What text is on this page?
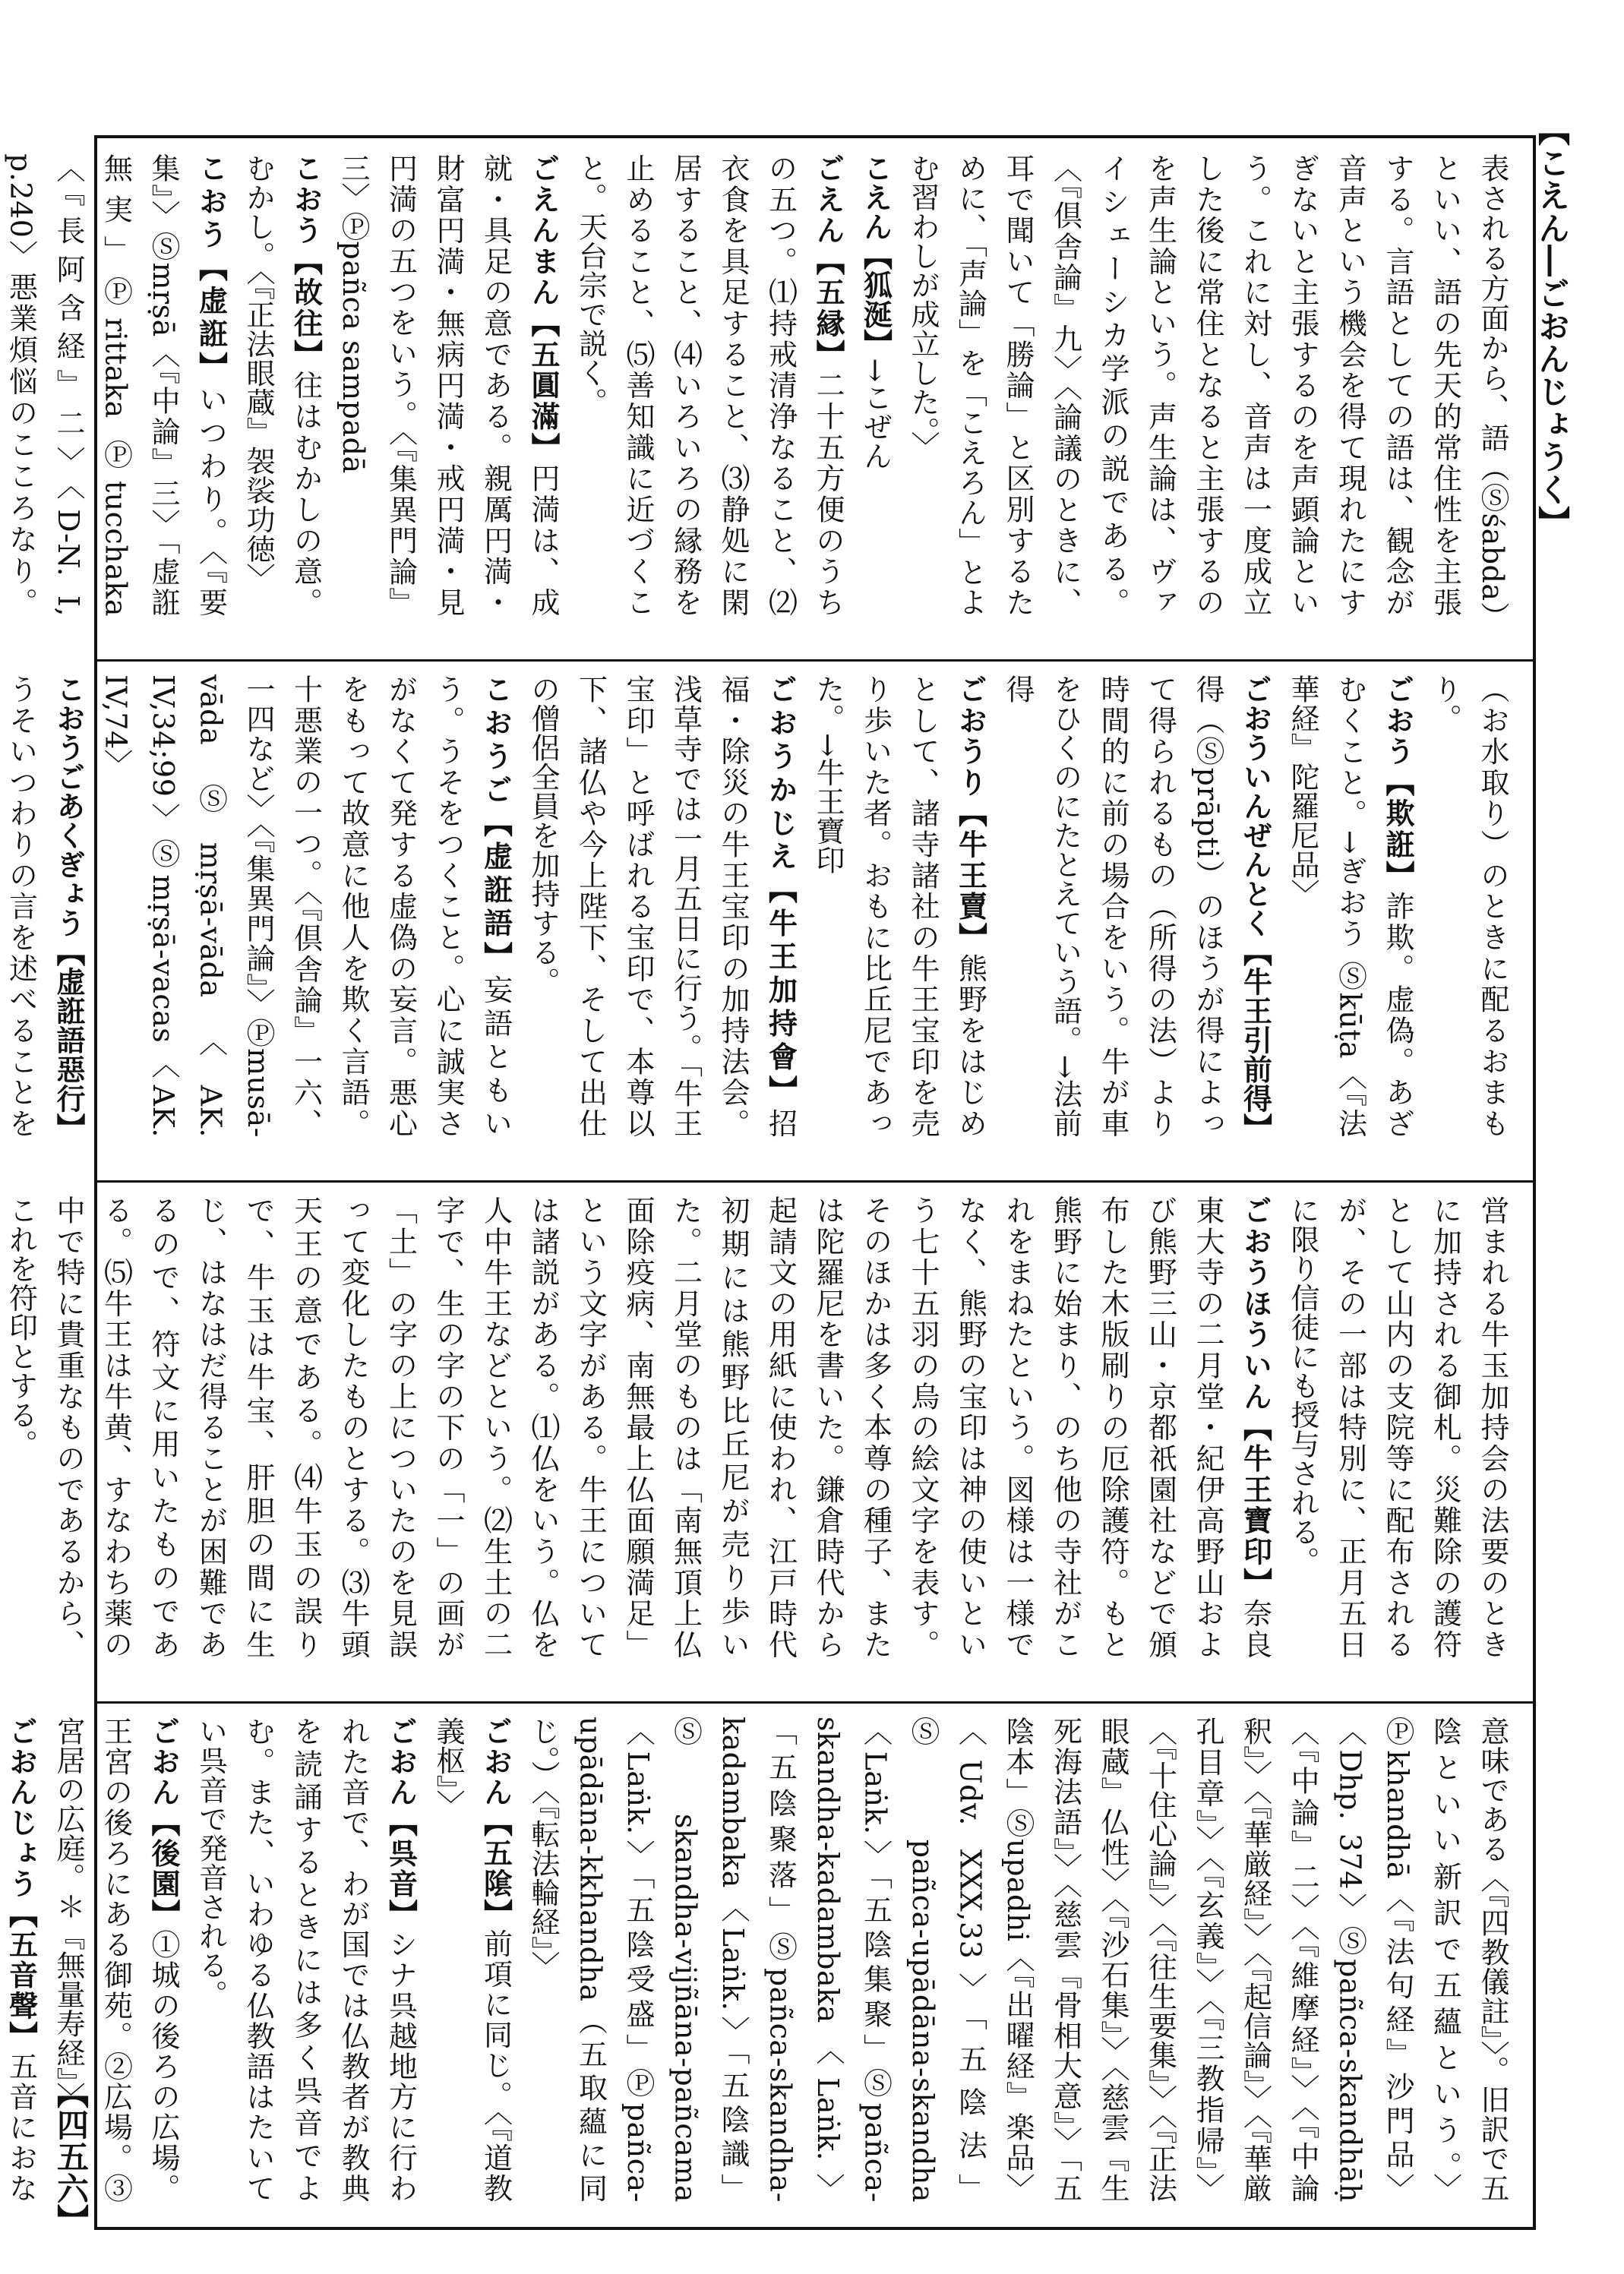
【こえん―ごおんじょうく】
表される方面から、語（Ⓢśabda）といい、語の先天的常住性を主張する。言語としての語は、観念が音声という機会を得て現れたにすぎないと主張するのを声顕論という。これに対し、音声は一度成立した後に常住となると主張するのを声生論という。声生論は、ヴァイシェーシカ学派の説である。〈『倶舎論』九〉〈論議のときに、耳で聞いて「勝論」と区別するために、「声論」を「こえろん」とよむ習わしが成立した。〉
こえん【狐涎】→こぜん
ごえん【五縁】二十五方便のうちの五つ。⑴持戒清浄なること、⑵衣食を具足すること、⑶静処に閑居すること、⑷いろいろの縁務を止めること、⑸善知識に近づくこと。天台宗で説く。
ごえんまん【五圓滿】円満は、成就・具足の意である。親厲円満・財富円満・無病円満・戒円満・見円満の五つをいう。〈『集異門論』三〉Ⓟpañca sampadā
こおう【故往】往はむかしの意。むかし。〈『正法眼蔵』袈裟功徳〉
こおう【虚誑】いつわり。〈『要集』〉Ⓢmṛṣā〈『中論』三〉「虚誑無実」Ⓟrittaka Ⓟtucchaka〈『長阿含経』二〉〈D-N. I, p.240〉悪業煩悩のこころなり。
（お水取り）のときに配るおまもり。
ごおう【欺誑】詐欺。虚偽。あざむくこと。→ぎおう Ⓢkūṭa〈『法華経』陀羅尼品〉
ごおういんぜんとく【牛王引前得】得（Ⓢprāpti）のほうが得によって得られるもの（所得の法）より時間的に前の場合をいう。牛が車をひくのにたとえていう語。→法前得
ごおうり【牛王賣】熊野をはじめとして、諸寺諸社の牛王宝印を売り歩いた者。おもに比丘尼であった。→牛王寶印
ごおうかじえ【牛王加持會】招福・除災の牛王宝印の加持法会。浅草寺では一月五日に行う。「牛王宝印」と呼ばれる宝印で、本尊以下、諸仏や今上陛下、そして出仕の僧侶全員を加持する。
こおうご【虚誑語】妄語ともいう。うそをつくこと。心に誠実さがなくて発する虚偽の妄言。悪心をもって故意に他人を欺く言語。十悪業の一つ。〈『倶舎論』一六、一四など〉〈『集異門論』〉Ⓟmusā-vāda Ⓢmṛṣā-vāda〈AK. IV,34;99〉Ⓢmṛṣā-vacas〈AK. IV,74〉
こおうごあくぎょう【虚誑語惡行】うそいつわりの言を述べることを
営まれる牛玉加持会の法要のときに加持される御札。災難除の護符として山内の支院等に配布されるが、その一部は特別に、正月五日に限り信徒にも授与される。
ごおうほういん【牛王寶印】奈良東大寺の二月堂・紀伊高野山および熊野三山・京都祇園社などで頒布した木版刷りの厄除護符。もと熊野に始まり、のち他の寺社がこれをまねたという。図様は一様でなく、熊野の宝印は神の使いという七十五羽の烏の絵文字を表す。そのほかは多く本尊の種子、または陀羅尼を書いた。鎌倉時代から起請文の用紙に使われ、江戸時代初期には熊野比丘尼が売り歩いた。二月堂のものは「南無頂上仏面除疫病、南無最上仏面願満足」という文字がある。牛王については諸説がある。⑴仏をいう。仏を人中牛王などという。⑵生土の二字で、生の字の下の「一」の画が「土」の字の上についたのを見誤って変化したものとする。⑶牛頭天王の意である。⑷牛玉の誤りで、牛玉は牛宝、肝胆の間に生じ、はなはだ得ることが困難であるので、符文に用いたものである。⑸牛王は牛黄、すなわち薬の中で特に貴重なものであるから、これを符印とする。
意味である〈『四教儀註』〉。旧訳で五陰といい新訳で五蘊という。〉Ⓟkhandhā〈『法句経』沙門品〉〈Dhp. 374〉Ⓢpañca-skandhāḥ〈『中論』二〉〈『維摩経』〉〈『中論釈』〉〈『華厳経』〉〈『起信論』〉〈『華厳孔目章』〉〈『玄義』〉〈『三教指帰』〉〈『十住心論』〉〈『往生要集』〉〈『正法眼蔵』仏性〉〈『沙石集』〉〈慈雲『生死海法語』〉〈慈雲『骨相大意』〉「五陰本」Ⓢupadhi〈『出曜経』楽品〉〈Udv. XXX,33〉「五陰法」Ⓢpañca-upādāna-skandha〈Laṅk.〉「五陰集聚」Ⓢpañca-skandha-kadambaka〈Laṅk.〉「五陰聚落」Ⓢpañca-skandha-kadambaka〈Laṅk.〉「五陰識」Ⓢskandha-vijñāna-pañcama〈Laṅk.〉「五陰受盛」Ⓟpañca-upādāna-kkhandha（五取蘊に同じ。）〈『転法輪経』〉
ごおん【五隂】前項に同じ。〈『道教義枢』〉
ごおん【呉音】シナ呉越地方に行われた音で、わが国では仏教者が教典を読誦するときには多く呉音でよむ。また、いわゆる仏教語はたいてい呉音で発音される。
ごおん【後園】①城の後ろの広場。王宮の後ろにある御苑。②広場。③宮居の広庭。＊『無量寿経』〉
ごおんじょう【五音聲】五音におな 【四五六】
